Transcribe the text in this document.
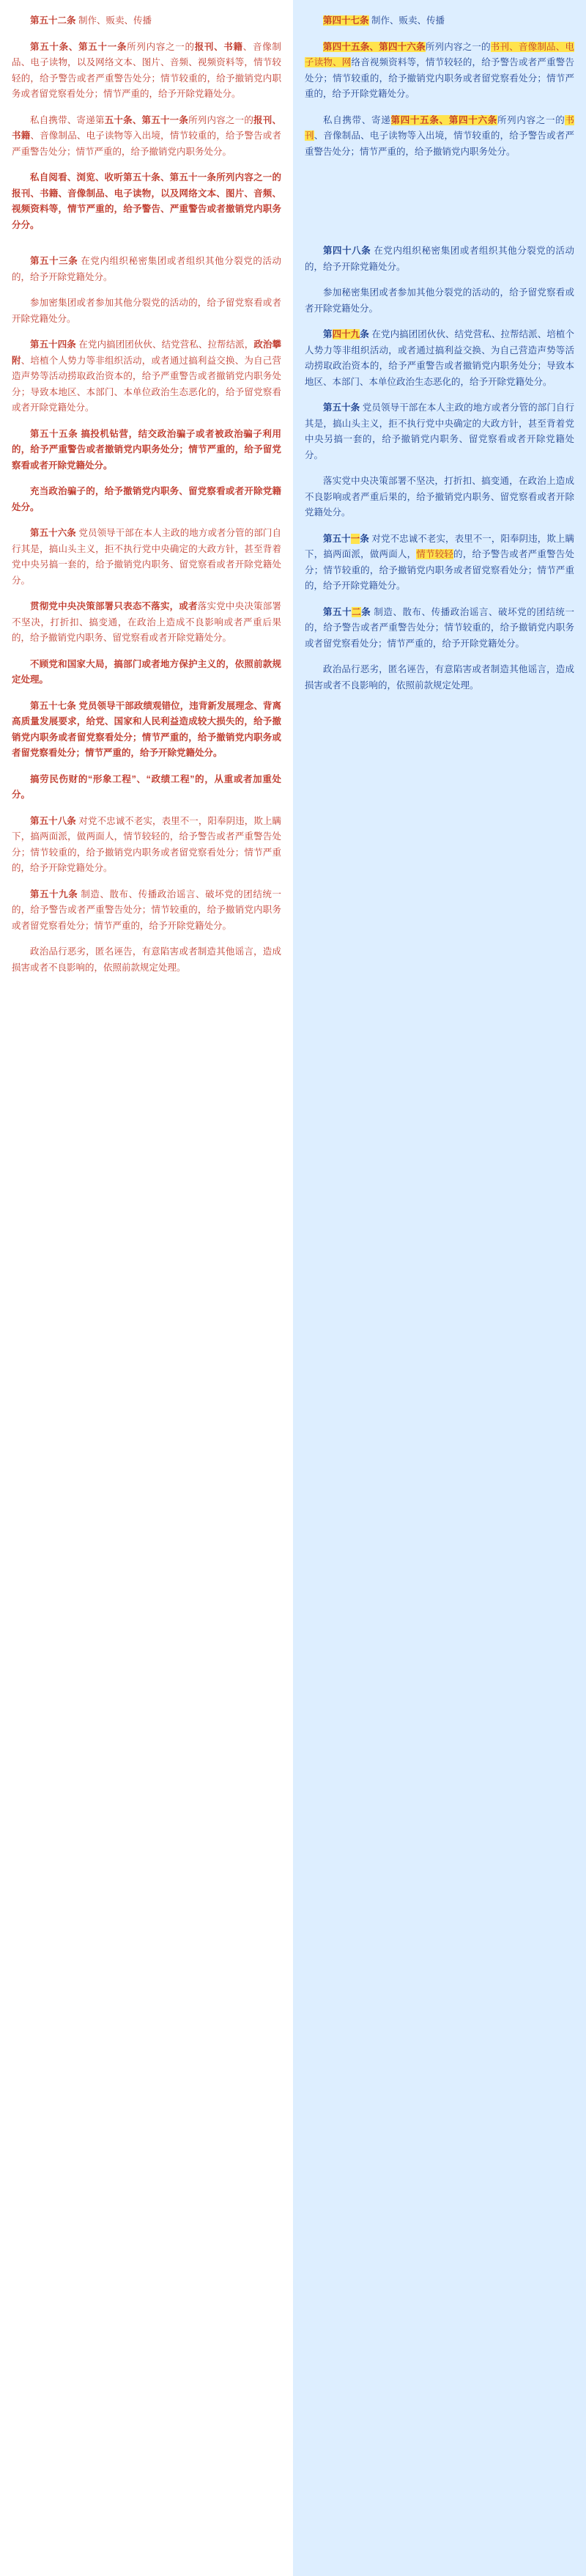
第五十二条 制作、贩卖、传播

第五十条、第五十一条所列内容之一的报刊、书籍、音像制品、电子读物，以及网络文本、图片、音频、视频资料等，情节较轻的，给予警告或者严重警告处分；情节较重的，给予撤销党内职务或者留党察看处分；情节严重的，给予开除党籍处分。

私自携带、寄递第五十条、第五十一条所列内容之一的报刊、书籍、音像制品、电子读物等入出境，情节较重的，给予警告或者严重警告处分；情节严重的，给予撤销党内职务处分。

私自阅看、浏览、收听第五十条、第五十一条所列内容之一的报刊、书籍、音像制品、电子读物，以及网络文本、图片、音频、视频资料等，情节严重的，给予警告、严重警告或者撤销党内职务分分。

第五十三条 在党内组织秘密集团或者组织其他分裂党的活动的，给予开除党籍处分。

参加密集团或者参加其他分裂党的活动的，给予留党察看或者开除党籍处分。

第五十四条 在党内搞团团伙伙、结党营私、拉帮结派，政治攀附、培植个人势力等非组织活动，或者通过搞利益交换、为自己营造声势等活动捞取政治资本的，给予严重警告或者撤销党内职务处分；导致本地区、本部门、本单位政治生态恶化的，给予留党察看或者开除党籍处分。

第五十五条 搞投机钻营，结交政治骗子或者被政治骗子利用的，给予严重警告或者撤销党内职务处分；情节严重的，给予留党察看或者开除党籍处分。

充当政治骗子的，给予撤销党内职务、留党察看或者开除党籍处分。

第五十六条 党员领导干部在本人主政的地方或者分管的部门自行其是，搞山头主义，拒不执行党中央确定的大政方针，甚至背着党中央另搞一套的，给予撤销党内职务、留党察看或者开除党籍处分。

贯彻党中央决策部署只表态不落实，或者落实党中央决策部署不坚决，打折扣、搞变通，在政治上造成不良影响或者严重后果的，给予撤销党内职务、留党察看或者开除党籍处分。

不顾党和国家大局，搞部门或者地方保护主义的，依照前款规定处理。

第五十七条 党员领导干部政绩观错位，违背新发展理念、背离高质量发展要求，给党、国家和人民利益造成较大损失的，给予撤销党内职务或者留党察看处分；情节严重的，给予撤销党内职务或者留党察看处分；情节严重的，给予开除党籍处分。

搞劳民伤财的“形象工程”、“政绩工程”的，从重或者加重处分。

第五十八条 对党不忠诚不老实，表里不一，阳奉阴违，欺上瞒下，搞两面派，做两面人，情节较轻的，给予警告或者严重警告处分；情节较重的，给予撤销党内职务或者留党察看处分；情节严重的，给予开除党籍处分。

第五十九条 制造、散布、传播政治谣言、破坏党的团结统一的，给予警告或者严重警告处分；情节较重的，给予撤销党内职务或者留党察看处分；情节严重的，给予开除党籍处分。

政治品行恶劣，匿名诬告，有意陷害或者制造其他谣言，造成损害或者不良影响的，依照前款规定处理。

第四十七条 制作、贩卖、传播

第四十五条、第四十六条所列内容之一的书刊、音像制品、电子读物、网络音视频资料等，情节较轻的，给予警告或者严重警告处分；情节较重的，给予撤销党内职务或者留党察看处分；情节严重的，给予开除党籍处分。

私自携带、寄递第四十五条、第四十六条所列内容之一的书刊、音像制品、电子读物等入出境，情节较重的，给予警告或者严重警告处分；情节严重的，给予撤销党内职务处分。

第四十八条 在党内组织秘密集团或者组织其他分裂党的活动的，给予开除党籍处分。

参加秘密集团或者参加其他分裂党的活动的，给予留党察看或者开除党籍处分。

第四十九条 在党内搞团团伙伙、结党营私、拉帮结派、培植个人势力等非组织活动，或者通过搞利益交换、为自己营造声势等活动捞取政治资本的，给予严重警告或者撤销党内职务处分；导致本地区、本部门、本单位政治生态恶化的，给予开除党籍处分。

第五十条 党员领导干部在本人主政的地方或者分管的部门自行其是，搞山头主义，拒不执行党中央确定的大政方针，甚至背着党中央另搞一套的，给予撤销党内职务、留党察看或者开除党籍处分。

落实党中央决策部署不坚决，打折扣、搞变通，在政治上造成不良影响或者严重后果的，给予撤销党内职务、留党察看或者开除党籍处分。

第五十一条 对党不忠诚不老实，表里不一，阳奉阴违，欺上瞒下，搞两面派，做两面人，情节较轻的，给予警告或者严重警告处分；情节较重的，给予撤销党内职务或者留党察看处分；情节严重的，给予开除党籍处分。

第五十二条 制造、散布、传播政治谣言、破坏党的团结统一的，给予警告或者严重警告处分；情节较重的，给予撤销党内职务或者留党察看处分；情节严重的，给予开除党籍处分。

政治品行恶劣，匿名诬告，有意陷害或者制造其他谣言，造成损害或者不良影响的，依照前款规定处理。
